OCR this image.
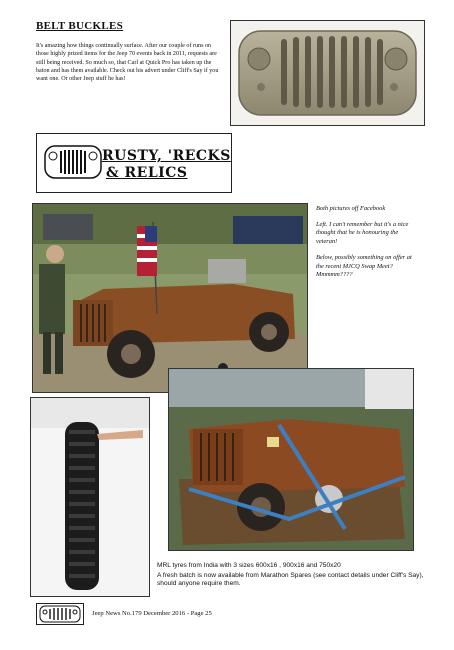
BELT BUCKLES
It's amazing how things continually surface. After our couple of runs on those highly prized items for the Jeep 70 events back in 2011, requests are still being received. So much so, that Carl at Quick Pro has taken up the baton and has them available. Check out his advert under Cliff's Say if you want one. Or other Jeep stuff he has!
RUSTY, 'RECKS
& RELICS

Both pictures off Facebook

Left. I can't remember but it's a nice thought that he is honouring the veteran!

Below, possibly something on offer at the recent MJCQ Swap Meet? Mmmmm????

MRL tyres from India with 3 sizes 600x16 , 900x16 and 750x20

A fresh batch is now available from Marathon Spares (see contact details under Cliff's Say), should anyone require them.

Jeep News No.179 December 2016 - Page 25
